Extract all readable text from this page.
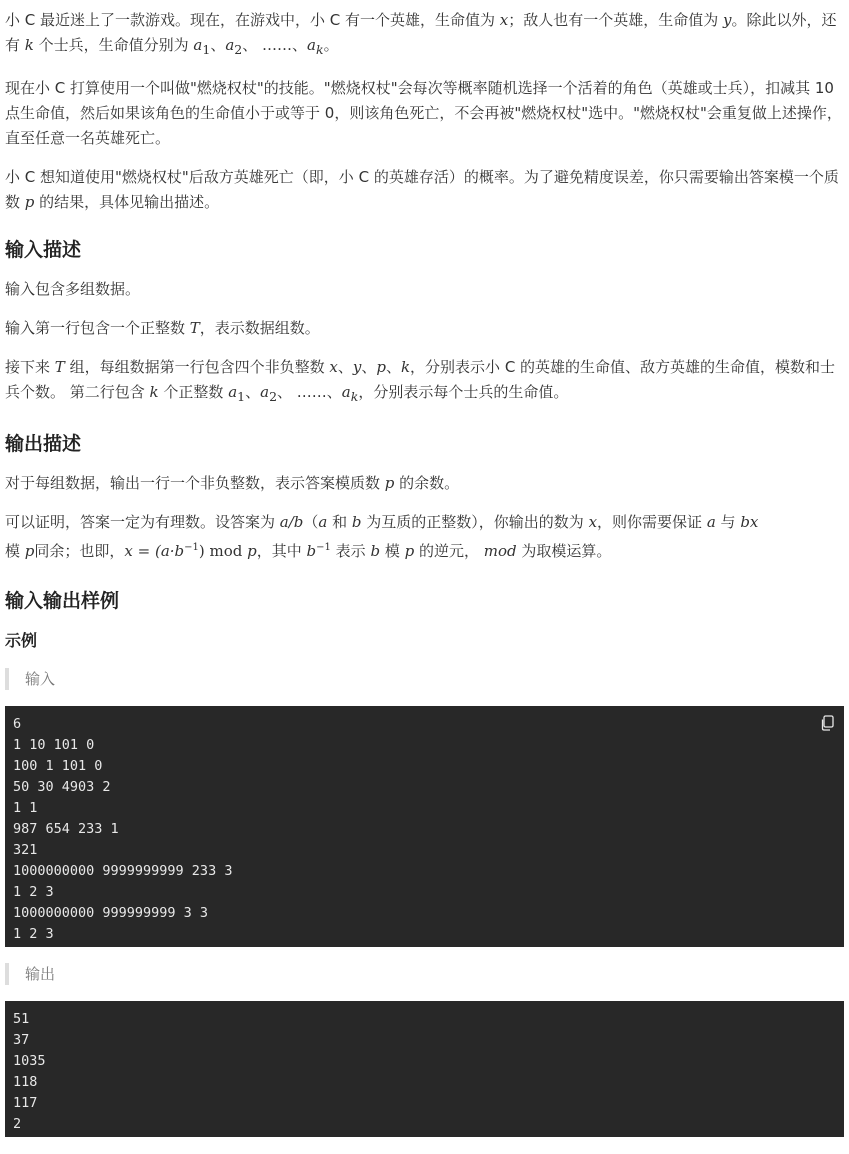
小 C 最近迷上了一款游戏。现在，在游戏中，小 C 有一个英雄，生命值为 x；敌人也有一个英雄，生命值为 y。除此以外，还有 k 个士兵，生命值分别为 $a_1$、$a_2$、 ……、$a_k$。

现在小 C 打算使用一个叫做"燃烧权杖"的技能。"燃烧权杖"会每次等概率随机选择一个活着的角色（英雄或士兵），扣减其 10 点生命值，然后如果该角色的生命值小于或等于 0，则该角色死亡，不会再被"燃烧权杖"选中。"燃烧权杖"会重复做上述操作，直至任意一名英雄死亡。

小 C 想知道使用"燃烧权杖"后敌方英雄死亡（即，小 C 的英雄存活）的概率。为了避免精度误差，你只需要输出答案模一个质数 p 的结果，具体见输出描述。

输入描述

输入包含多组数据。

输入第一行包含一个正整数 T，表示数据组数。

接下来 T 组，每组数据第一行包含四个非负整数 x、y、p、k，分别表示小 C 的英雄的生命值、敌方英雄的生命值，模数和士兵个数。 第二行包含 k 个正整数 $a_1$、$a_2$、 ……、$a_k$，分别表示每个士兵的生命值。

输出描述

对于每组数据，输出一行一个非负整数，表示答案模质数 p 的余数。

可以证明，答案一定为有理数。设答案为 a/b（a 和 b 为互质的正整数），你输出的数为 x，则你需要保证 a 与 bx
模 p同余；也即，$x = (a\cdot b^{-1})$ mod p，其中 $b^{-1}$ 表示 b 模 p 的逆元， mod 为取模运算。

输入输出样例
示例
输入
6
1 10 101 0
100 1 101 0
50 30 4903 2
1 1
987 654 233 1
321
1000000000 9999999999 233 3
1 2 3
1000000000 999999999 3 3
1 2 3
输出
51
37
1035
118
117
2
